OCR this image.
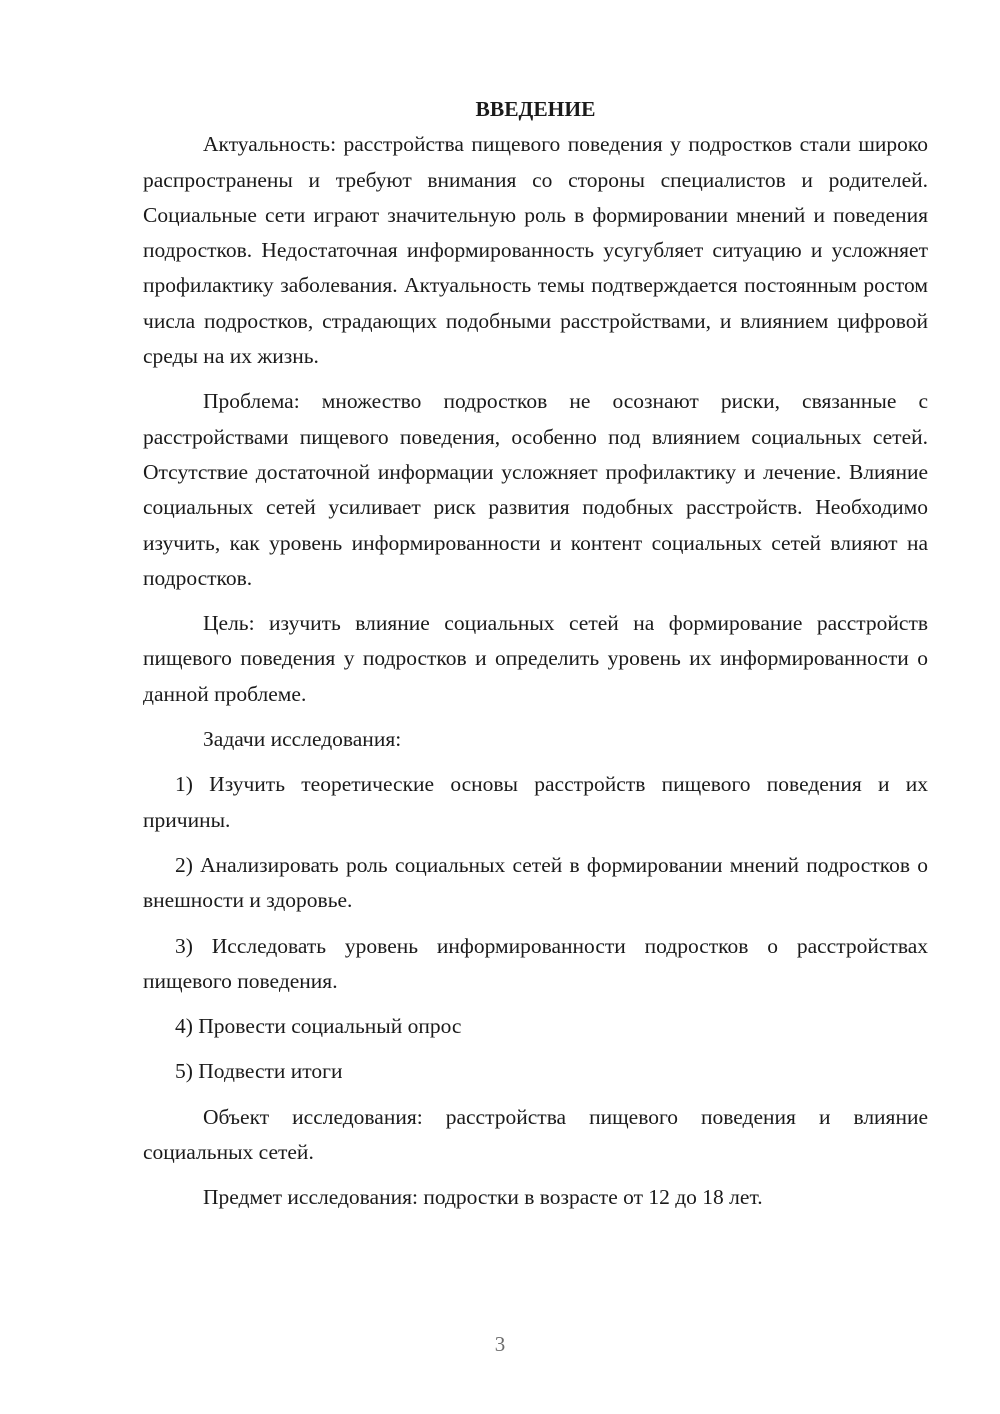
ВВЕДЕНИЕ

Актуальность: расстройства пищевого поведения у подростков стали широко распространены и требуют внимания со стороны специалистов и родителей. Социальные сети играют значительную роль в формировании мнений и поведения подростков. Недостаточная информированность усугубляет ситуацию и усложняет профилактику заболевания. Актуальность темы подтверждается постоянным ростом числа подростков, страдающих подобными расстройствами, и влиянием цифровой среды на их жизнь.

Проблема: множество подростков не осознают риски, связанные с расстройствами пищевого поведения, особенно под влиянием социальных сетей. Отсутствие достаточной информации усложняет профилактику и лечение. Влияние социальных сетей усиливает риск развития подобных расстройств. Необходимо изучить, как уровень информированности и контент социальных сетей влияют на подростков.

Цель: изучить влияние социальных сетей на формирование расстройств пищевого поведения у подростков и определить уровень их информированности о данной проблеме.

Задачи исследования:

1) Изучить теоретические основы расстройств пищевого поведения и их причины.

2) Анализировать роль социальных сетей в формировании мнений подростков о внешности и здоровье.

3) Исследовать уровень информированности подростков о расстройствах пищевого поведения.

4) Провести социальный опрос

5) Подвести итоги

Объект исследования: расстройства пищевого поведения и влияние социальных сетей.

Предмет исследования: подростки в возрасте от 12 до 18 лет.

3
